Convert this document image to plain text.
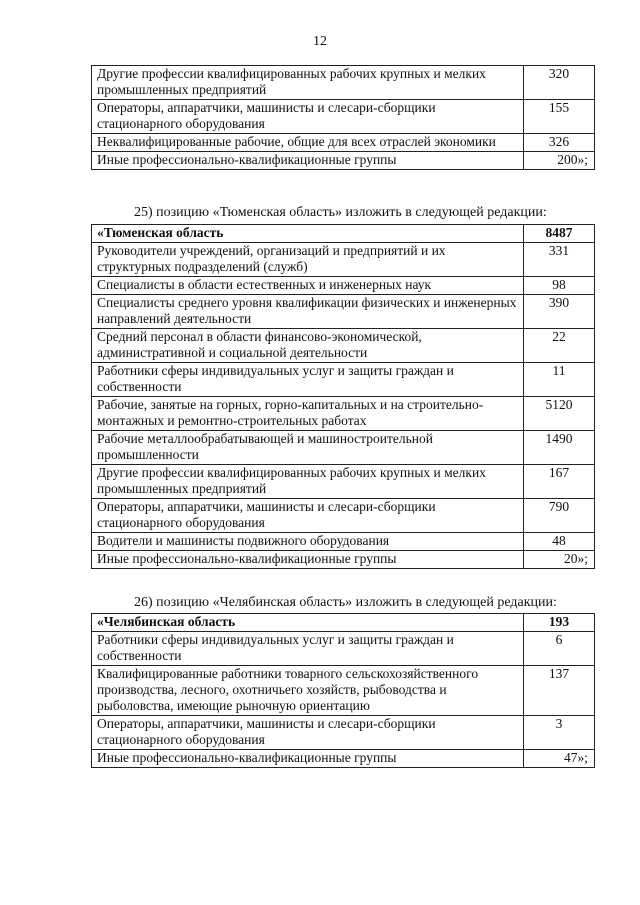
12
Другие профессии квалифицированных рабочих крупных и мелких промышленных предприятий	320
Операторы, аппаратчики, машинисты и слесари-сборщики стационарного оборудования	155
Неквалифицированные рабочие, общие для всех отраслей экономики	326
Иные профессионально-квалификационные группы	200»;
25) позицию «Тюменская область» изложить в следующей редакции:
«Тюменская область	8487
Руководители учреждений, организаций и предприятий и их структурных подразделений (служб)	331
Специалисты в области естественных и инженерных наук	98
Специалисты среднего уровня квалификации физических и инженерных направлений деятельности	390
Средний персонал в области финансово-экономической, административной и социальной деятельности	22
Работники сферы индивидуальных услуг и защиты граждан и собственности	11
Рабочие, занятые на горных, горно-капитальных и на строительно-монтажных и ремонтно-строительных работах	5120
Рабочие металлообрабатывающей и машиностроительной промышленности	1490
Другие профессии квалифицированных рабочих крупных и мелких промышленных предприятий	167
Операторы, аппаратчики, машинисты и слесари-сборщики стационарного оборудования	790
Водители и машинисты подвижного оборудования	48
Иные профессионально-квалификационные группы	20»;
26) позицию «Челябинская область» изложить в следующей редакции:
«Челябинская область	193
Работники сферы индивидуальных услуг и защиты граждан и собственности	6
Квалифицированные работники товарного сельскохозяйственного производства, лесного, охотничьего хозяйств, рыбоводства и рыболовства, имеющие рыночную ориентацию	137
Операторы, аппаратчики, машинисты и слесари-сборщики стационарного оборудования	3
Иные профессионально-квалификационные группы	47»;
